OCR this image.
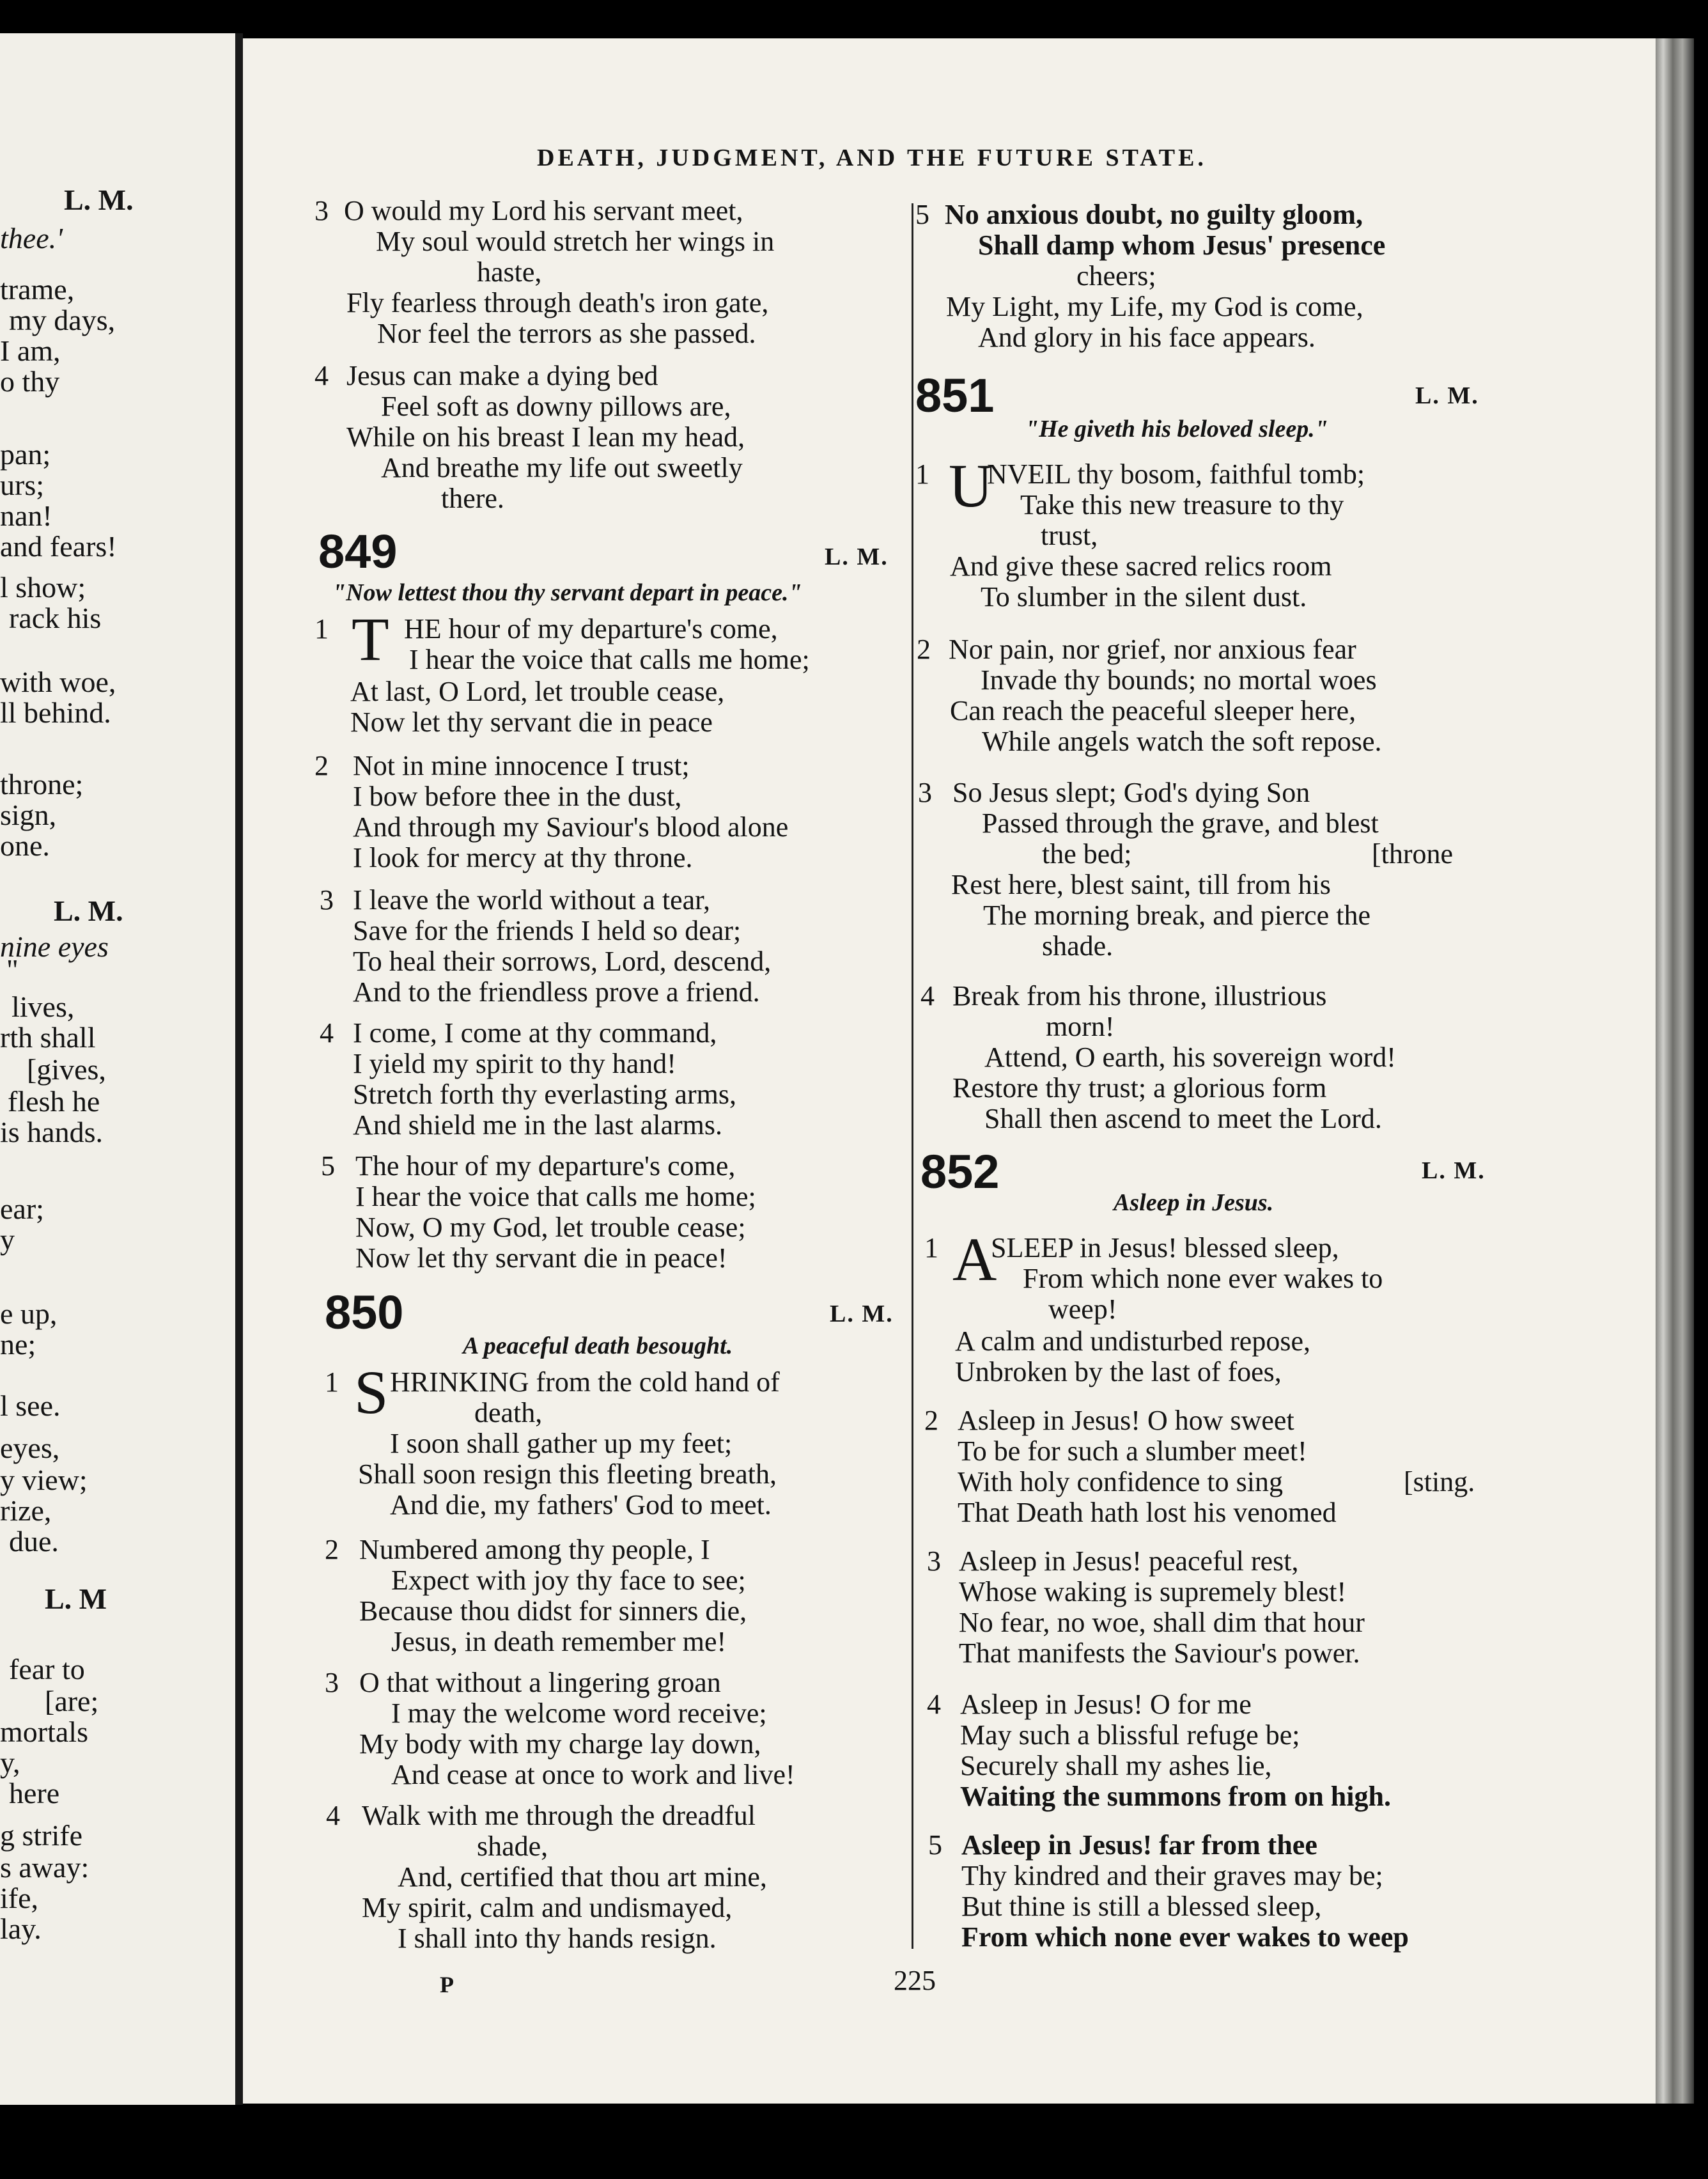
L. M.
thee.'
trame,
my days,
I am,
o thy
pan;
urs;
nan!
and fears!
l show;
rack his
with woe,
ll behind.
throne;
sign,
one.
L. M.
nine eyes
"
lives,
rth shall
[gives,
flesh he
is hands.
ear;
y
e up,
ne;
l see.
eyes,
y view;
rize,
due.
L. M
fear to
[are;
mortals
y,
here
g strife
s away:
ife,
lay.
DEATH, JUDGMENT, AND THE FUTURE STATE.
P	225
3
4
1
2
3
4
5
1
2
3
4
O would my Lord his servant meet,
My soul would stretch her wings in
haste,
Fly fearless through death's iron gate,
Nor feel the terrors as she passed.
Jesus can make a dying bed
Feel soft as downy pillows are,
While on his breast I lean my head,
And breathe my life out sweetly
there.
HE hour of my departure's come,
I hear the voice that calls me home;
At last, O Lord, let trouble cease,
Now let thy servant die in peace
Not in mine innocence I trust;
I bow before thee in the dust,
And through my Saviour's blood alone
I look for mercy at thy throne.
I leave the world without a tear,
Save for the friends I held so dear;
To heal their sorrows, Lord, descend,
And to the friendless prove a friend.
I come, I come at thy command,
I yield my spirit to thy hand!
Stretch forth thy everlasting arms,
And shield me in the last alarms.
The hour of my departure's come,
I hear the voice that calls me home;
Now, O my God, let trouble cease;
Now let thy servant die in peace!
HRINKING from the cold hand of
death,
I soon shall gather up my feet;
Shall soon resign this fleeting breath,
And die, my fathers' God to meet.
Numbered among thy people, I
Expect with joy thy face to see;
Because thou didst for sinners die,
Jesus, in death remember me!
O that without a lingering groan
I may the welcome word receive;
My body with my charge lay down,
And cease at once to work and live!
Walk with me through the dreadful
shade,
And, certified that thou art mine,
My spirit, calm and undismayed,
I shall into thy hands resign.
5
1
2
3
4
1
2
3
4
5
No anxious doubt, no guilty gloom,
Shall damp whom Jesus' presence
cheers;
My Light, my Life, my God is come,
And glory in his face appears.
NVEIL thy bosom, faithful tomb;
Take this new treasure to thy
trust,
And give these sacred relics room
To slumber in the silent dust.
Nor pain, nor grief, nor anxious fear
Invade thy bounds; no mortal woes
Can reach the peaceful sleeper here,
While angels watch the soft repose.
So Jesus slept; God's dying Son
Passed through the grave, and blest
the bed;	[throne
Rest here, blest saint, till from his
The morning break, and pierce the
shade.
Break from his throne, illustrious
morn!
Attend, O earth, his sovereign word!
Restore thy trust; a glorious form
Shall then ascend to meet the Lord.
SLEEP in Jesus! blessed sleep,
From which none ever wakes to
weep!
A calm and undisturbed repose,
Unbroken by the last of foes,
Asleep in Jesus! O how sweet
To be for such a slumber meet!
With holy confidence to sing	[sting.
That Death hath lost his venomed
Asleep in Jesus! peaceful rest,
Whose waking is supremely blest!
No fear, no woe, shall dim that hour
That manifests the Saviour's power.
Asleep in Jesus! O for me
May such a blissful refuge be;
Securely shall my ashes lie,
Waiting the summons from on high.
Asleep in Jesus! far from thee
Thy kindred and their graves may be;
But thine is still a blessed sleep,
From which none ever wakes to weep
849
850
851
852
L. M.
L. M.
L. M.
L. M.
"Now lettest thou thy servant depart in peace."
A peaceful death besought.
"He giveth his beloved sleep."
Asleep in Jesus.
T
S
U
A
